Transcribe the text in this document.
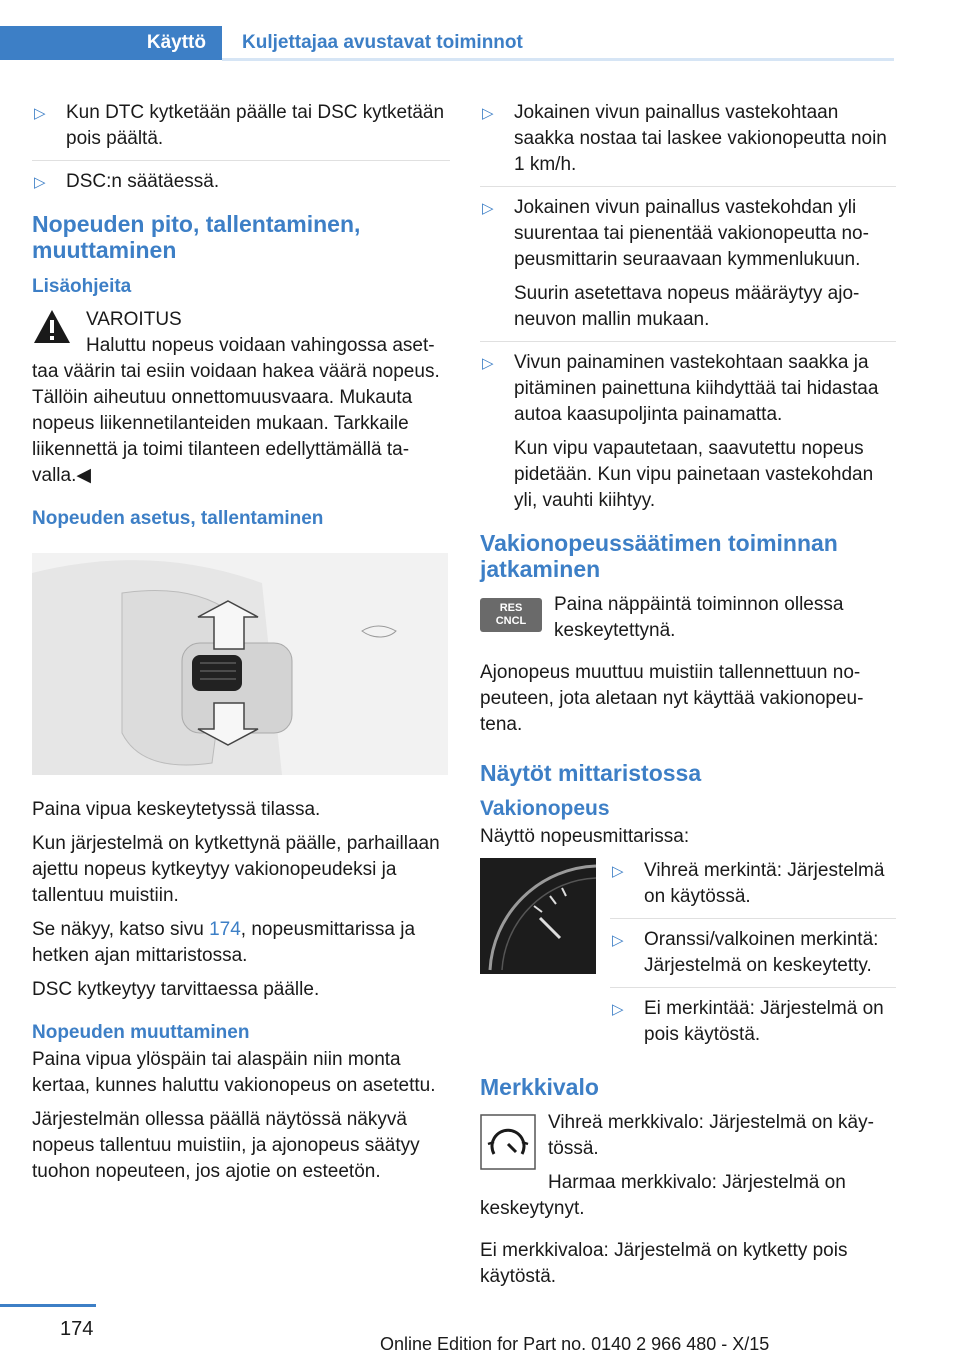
Käyttö Kuljettajaa avustavat toiminnot
▷ Kun DTC kytketään päälle tai DSC kytketään pois päältä.

▷ DSC:n säätäessä.

Nopeuden pito, tallentaminen, muuttaminen
Lisäohjeita

VAROITUS
Haluttu nopeus voidaan vahingossa asettaa väärin tai esiin voidaan hakea väärä nopeus. Tällöin aiheutuu onnettomuusvaara. Mukauta nopeus liikennetilanteiden mukaan. Tarkkaile liikennettä ja toimi tilanteen edellyttämällä tavalla.◀

Nopeuden asetus, tallentaminen

Paina vipua keskeytetyssä tilassa.

Kun järjestelmä on kytkettynä päälle, parhaillaan ajettu nopeus kytkeytyy vakionopeudeksi ja tallentuu muistiin.

Se näkyy, katso sivu 174, nopeusmittarissa ja hetken ajan mittaristossa.

DSC kytkeytyy tarvittaessa päälle.

Nopeuden muuttaminen

Paina vipua ylöspäin tai alaspäin niin monta kertaa, kunnes haluttu vakionopeus on asetettu.

Järjestelmän ollessa päällä näytössä näkyvä nopeus tallentuu muistiin, ja ajonopeus säätyy tuohon nopeuteen, jos ajotie on esteetön.

▷ Jokainen vivun painallus vastekohtaan saakka nostaa tai laskee vakionopeutta noin 1 km/h.

▷ Jokainen vivun painallus vastekohdan yli suurentaa tai pienentää vakionopeutta nopeusmittarin seuraavaan kymmenlukuun.

Suurin asetettava nopeus määräytyy ajoneuvon mallin mukaan.

▷ Vivun painaminen vastekohtaan saakka ja pitäminen painettuna kiihdyttää tai hidastaa autoa kaasupoljinta painamatta.

Kun vipu vapautetaan, saavutettu nopeus pidetään. Kun vipu painetaan vastekohdan yli, vauhti kiihtyy.

Vakionopeussäätimen toiminnan jatkaminen
RES
CNCL

Paina näppäintä toiminnon ollessa keskeytettynä.

Ajonopeus muuttuu muistiin tallennettuun nopeuteen, jota aletaan nyt käyttää vakionopeutena.

Näytöt mittaristossa
Vakionopeus

Näyttö nopeusmittarissa:

▷ Vihreä merkintä: Järjestelmä on käytössä.

▷ Oranssi/valkoinen merkintä: Järjestelmä on keskeytetty.

▷ Ei merkintää: Järjestelmä on pois käytöstä.

Merkkivalo

Vihreä merkkivalo: Järjestelmä on käytössä.

Harmaa merkkivalo: Järjestelmä on keskeytynyt.

Ei merkkivaloa: Järjestelmä on kytketty pois käytöstä.

174
Online Edition for Part no. 0140 2 966 480 - X/15
